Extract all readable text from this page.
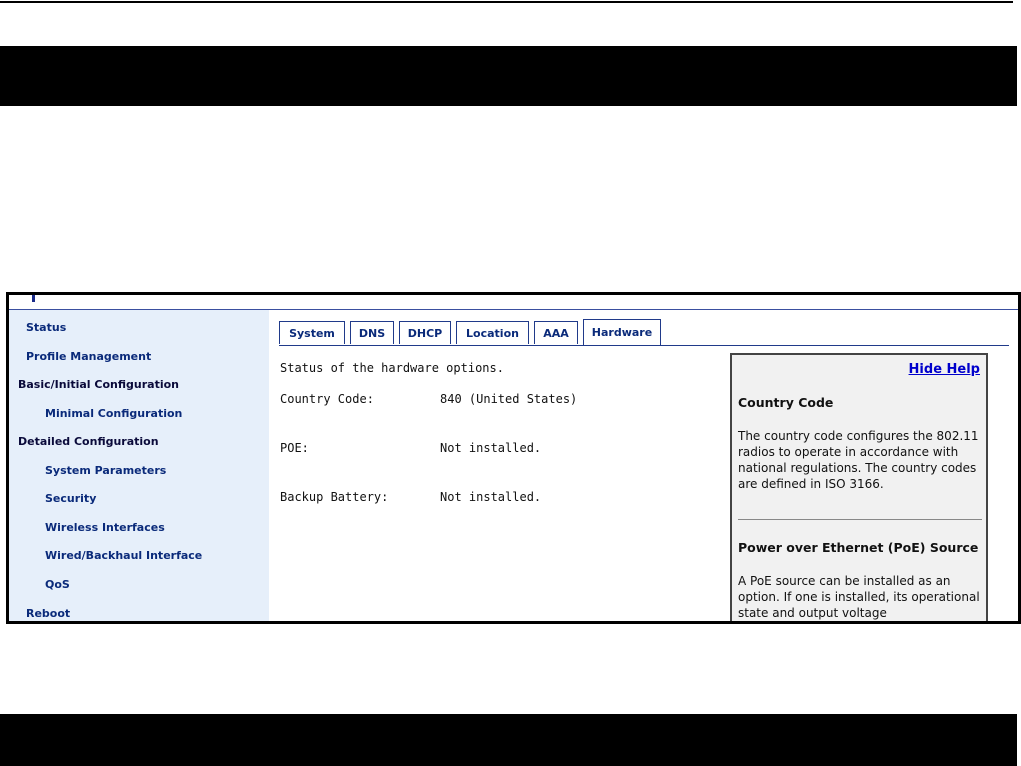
Status
Profile Management
Basic/Initial Configuration
Minimal Configuration
Detailed Configuration
System Parameters
Security
Wireless Interfaces
Wired/Backhaul Interface
QoS
Reboot
System	DNS	DHCP	Location	AAA	Hardware
Status of the hardware options.
Country Code:	840 (United States)
POE:	Not installed.
Backup Battery:	Not installed.
Hide Help
Country Code
The country code configures the 802.11 radios to operate in accordance with national regulations. The country codes are defined in ISO 3166.
Power over Ethernet (PoE) Source
A PoE source can be installed as an option. If one is installed, its operational state and output voltage
